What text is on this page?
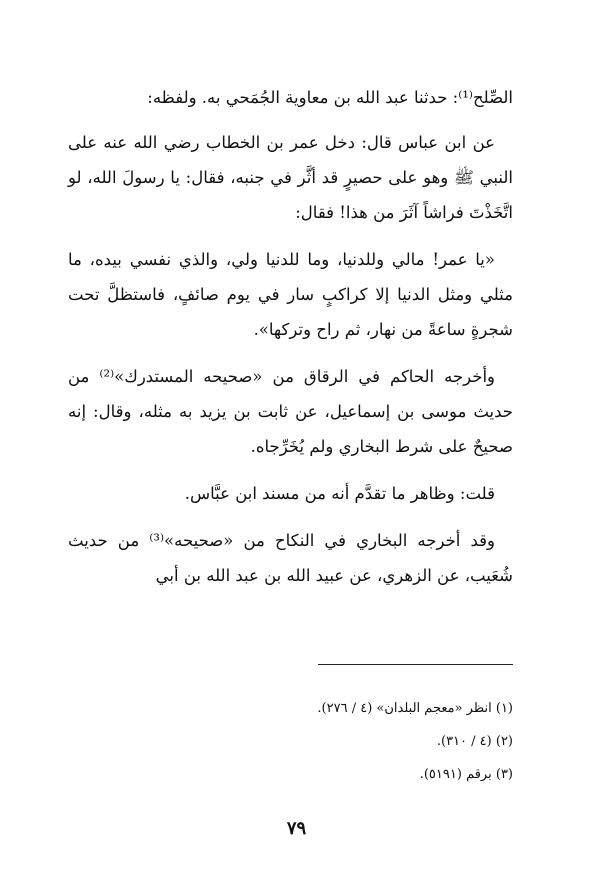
الصِّلح⁽¹⁾: حدثنا عبد الله بن معاوية الجُمَحي به. ولفظه:

عن ابن عباس قال: دخل عمر بن الخطاب رضي الله عنه على النبي ﷺ وهو على حصيرٍ قد أثَّر في جنبه، فقال: يا رسولَ الله، لو اتَّخَذْتَ فراشاً آثَرَ من هذا! فقال:

«يا عمر! مالي وللدنيا، وما للدنيا ولي، والذي نفسي بيده، ما مثلي ومثل الدنيا إلا كراكبٍ سار في يوم صائفٍ، فاستظلَّ تحت شجرةٍ ساعةً من نهار، ثم راح وتركها».

وأخرجه الحاكم في الرقاق من «صحيحه المستدرك»⁽²⁾ من حديث موسى بن إسماعيل، عن ثابت بن يزيد به مثله، وقال: إنه صحيحٌ على شرط البخاري ولم يُخَرِّجاه.

قلت: وظاهر ما تقدَّم أنه من مسند ابن عبَّاس.

وقد أخرجه البخاري في النكاح من «صحيحه»⁽³⁾ من حديث شُعَيب، عن الزهري، عن عبيد الله بن عبد الله بن أبي

(١) انظر «معجم البلدان» (٤ / ٢٧٦).

(٢) (٤ / ٣١٠).

(٣) برقم (٥١٩١).

٧٩
